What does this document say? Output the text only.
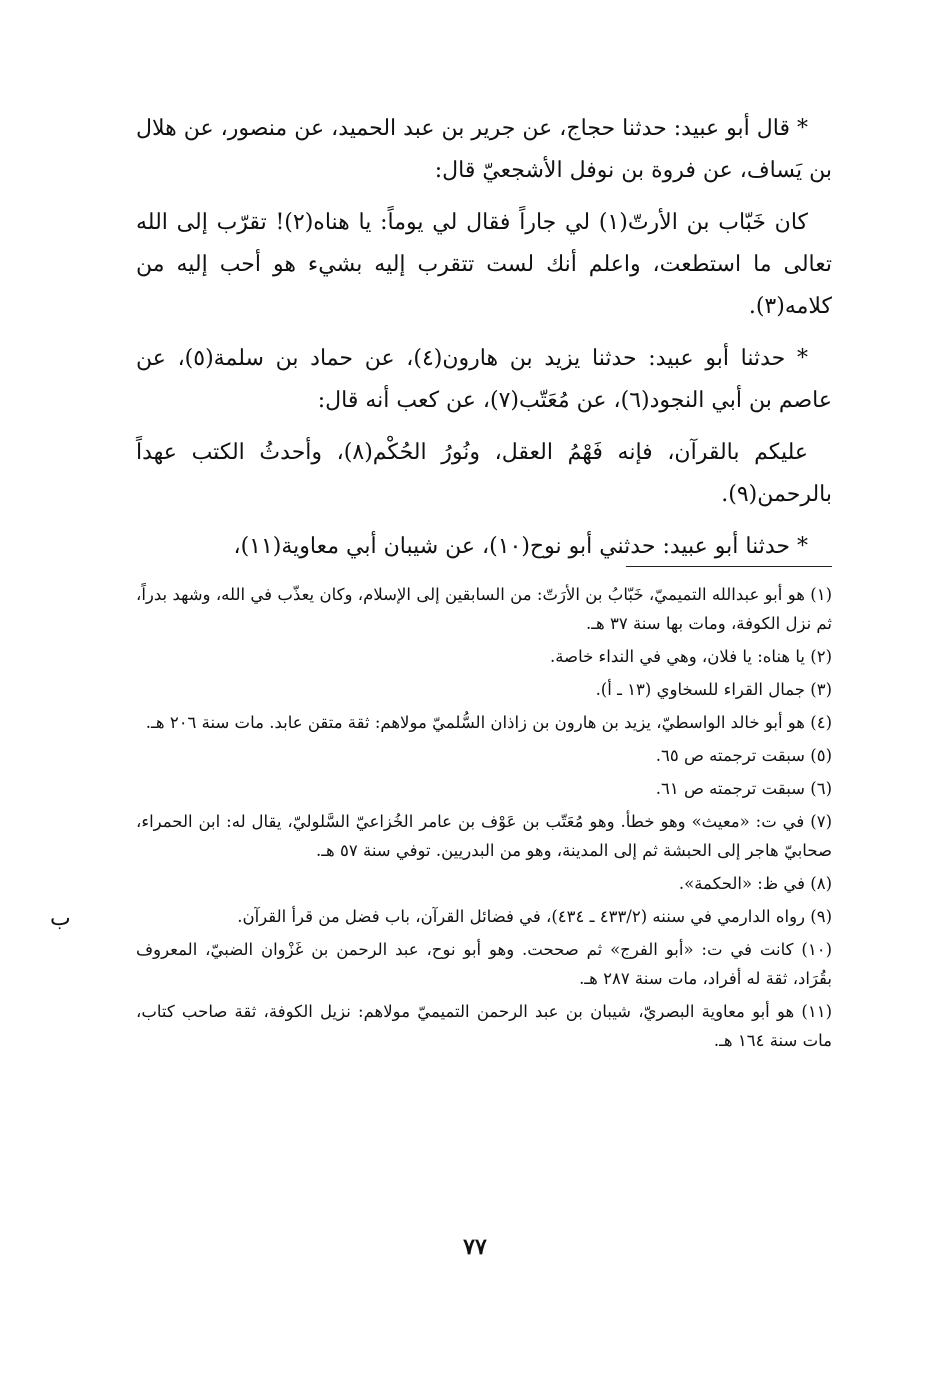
* قال أبو عبيد: حدثنا حجاج، عن جرير بن عبد الحميد، عن منصور، عن هلال بن يَساف، عن فروة بن نوفل الأشجعيّ قال:

كان خَبّاب بن الأرتّ(١) لي جاراً فقال لي يوماً: يا هناه(٢)! تقرّب إلى الله تعالى ما استطعت، واعلم أنك لست تتقرب إليه بشيء هو أحب إليه من كلامه(٣).

* حدثنا أبو عبيد: حدثنا يزيد بن هارون(٤)، عن حماد بن سلمة(٥)، عن عاصم بن أبي النجود(٦)، عن مُعَتّب(٧)، عن كعب أنه قال:

عليكم بالقرآن، فإنه فَهْمُ العقل، ونُورُ الحُكْم(٨)، وأحدثُ الكتب عهداً بالرحمن(٩).

* حدثنا أبو عبيد: حدثني أبو نوح(١٠)، عن شيبان أبي معاوية(١١)،

(١) هو أبو عبدالله التميميّ، خَبّابُ بن الأرَتّ: من السابقين إلى الإسلام، وكان يعذّب في الله، وشهد بدراً، ثم نزل الكوفة، ومات بها سنة ٣٧ هـ.

(٢) يا هناه: يا فلان، وهي في النداء خاصة.

(٣) جمال القراء للسخاوي (١٣ ـ أ).

(٤) هو أبو خالد الواسطيّ، يزيد بن هارون بن زاذان السُّلميّ مولاهم: ثقة متقن عابد. مات سنة ٢٠٦ هـ.

(٥) سبقت ترجمته ص ٦٥.

(٦) سبقت ترجمته ص ٦١.

(٧) في ت: «معيث» وهو خطأ. وهو مُعَتّب بن عَوْف بن عامر الخُزاعيّ السَّلوليّ، يقال له: ابن الحمراء، صحابيّ هاجر إلى الحبشة ثم إلى المدينة، وهو من البدريين. توفي سنة ٥٧ هـ.

(٨) في ظ: «الحكمة».

(٩) رواه الدارمي في سننه (٤٣٣/٢ ـ ٤٣٤)، في فضائل القرآن، باب فضل من قرأ القرآن.

(١٠) كانت في ت: «أبو الفرج» ثم صححت. وهو أبو نوح، عبد الرحمن بن غَزْوان الضبيّ، المعروف بقُرَاد، ثقة له أفراد، مات سنة ٢٨٧ هـ.

(١١) هو أبو معاوية البصريّ، شيبان بن عبد الرحمن التميميّ مولاهم: نزيل الكوفة، ثقة صاحب كتاب، مات سنة ١٦٤ هـ.

ب
٧٧
